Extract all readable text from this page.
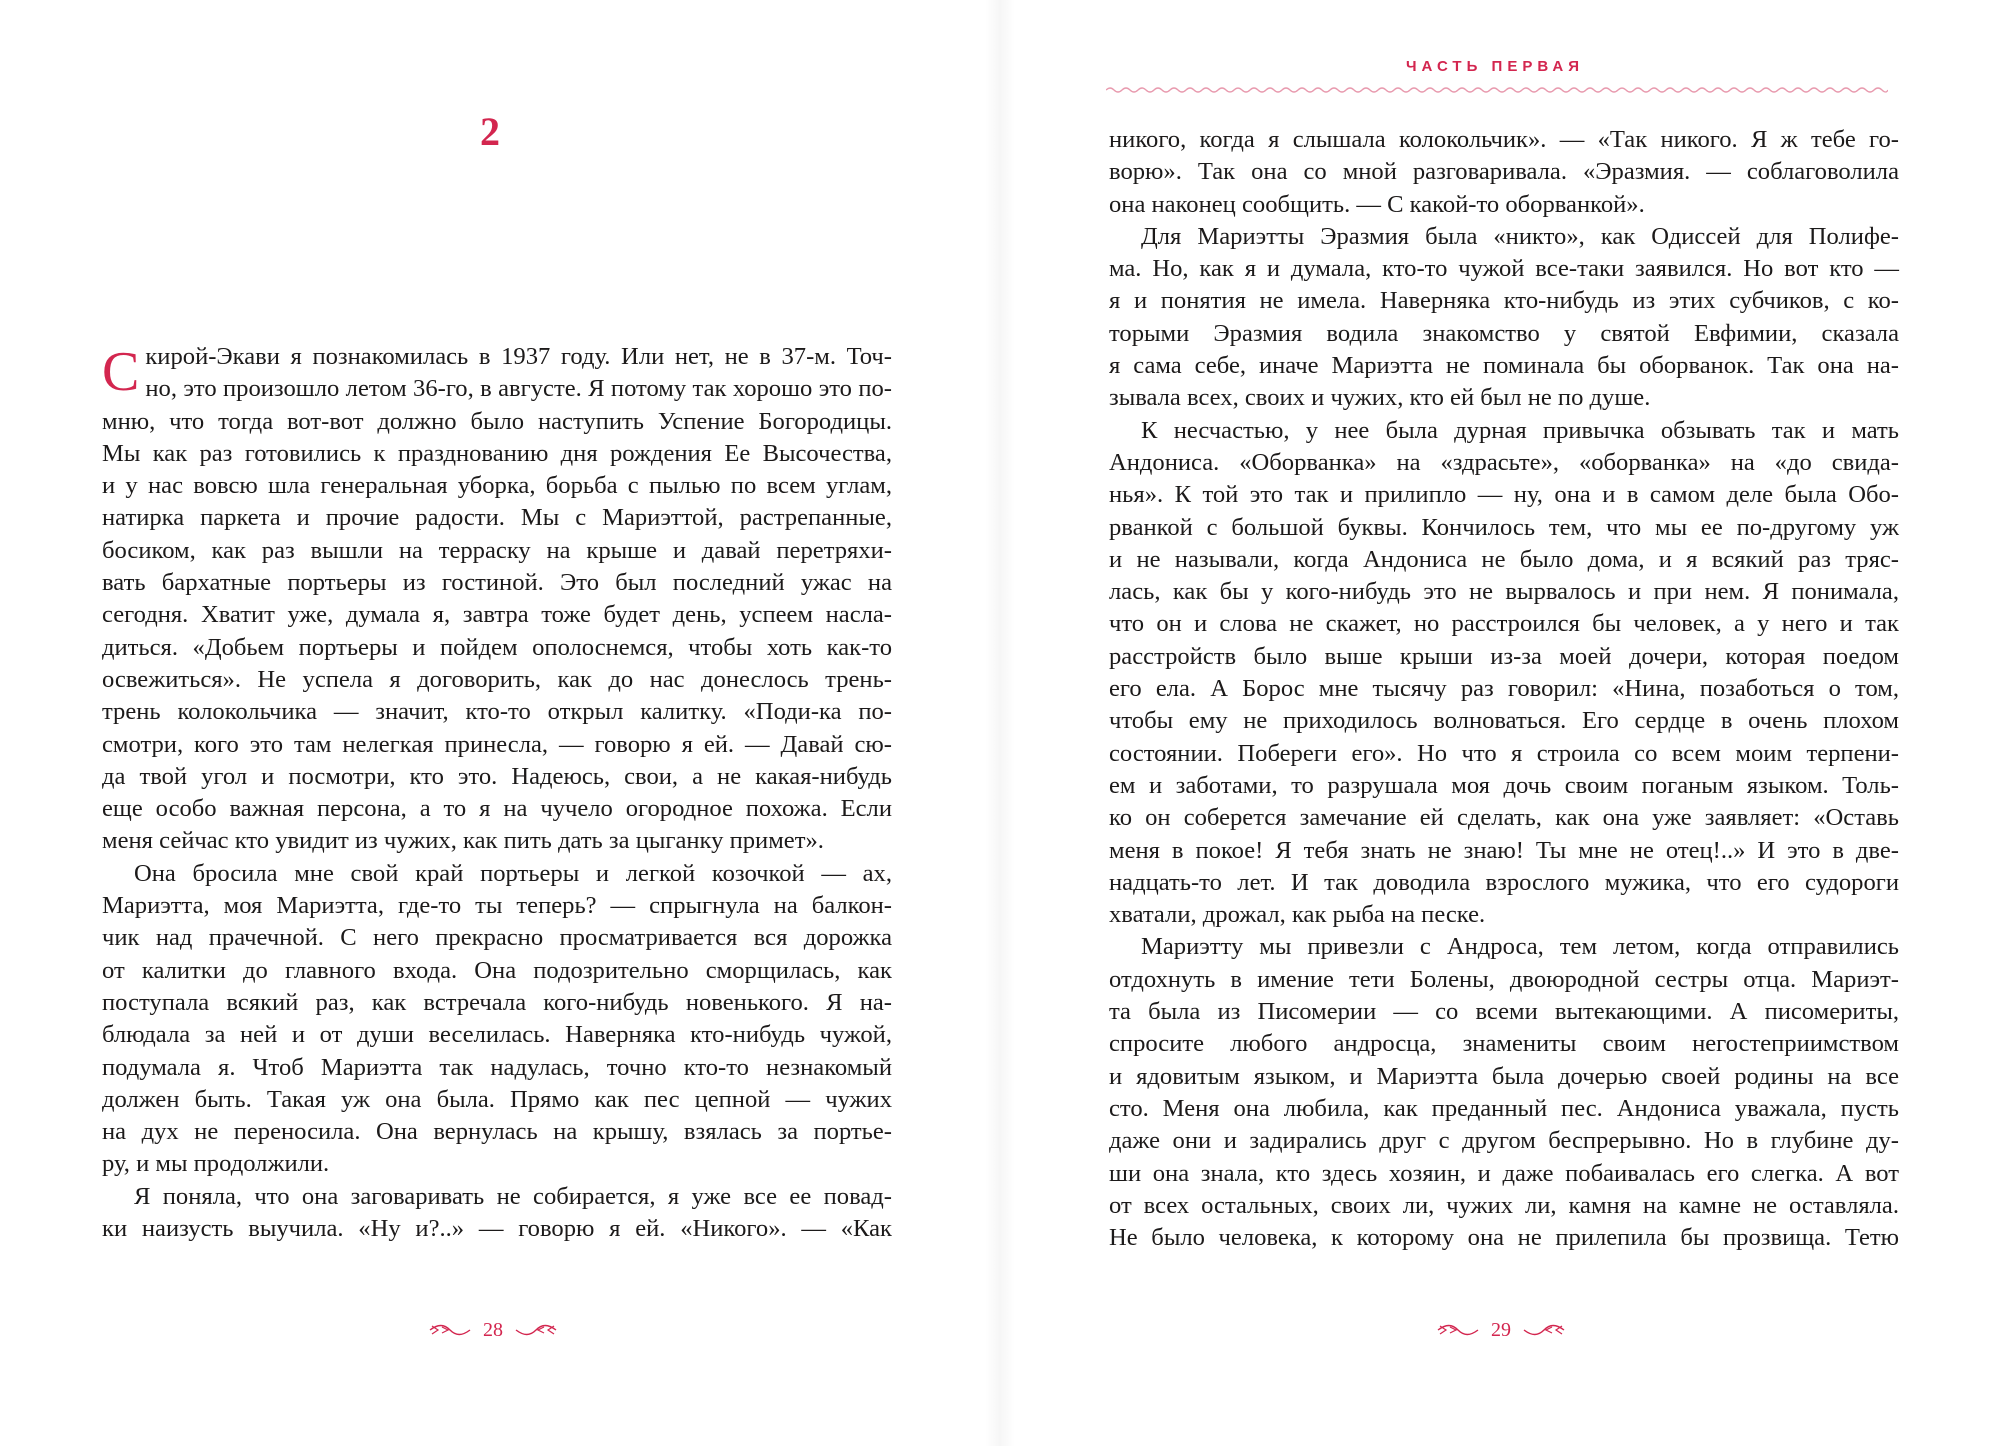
2
С кирой-Экави я познакомилась в 1937 году. Или нет, не в 37-м. Точ-
но, это произошло летом 36-го, в августе. Я потому так хорошо это по-
мню, что тогда вот-вот должно было наступить Успение Богородицы.
Мы как раз готовились к празднованию дня рождения Ее Высочества,
и у нас вовсю шла генеральная уборка, борьба с пылью по всем углам,
натирка паркета и прочие радости. Мы с Мариэттой, растрепанные,
босиком, как раз вышли на терраску на крыше и давай перетряхи-
вать бархатные портьеры из гостиной. Это был последний ужас на
сегодня. Хватит уже, думала я, завтра тоже будет день, успеем насла-
диться. «Добьем портьеры и пойдем ополоснемся, чтобы хоть как-то
освежиться». Не успела я договорить, как до нас донеслось трень-
трень колокольчика — значит, кто-то открыл калитку. «Поди-ка по-
смотри, кого это там нелегкая принесла, — говорю я ей. — Давай сю-
да твой угол и посмотри, кто это. Надеюсь, свои, а не какая-нибудь
еще особо важная персона, а то я на чучело огородное похожа. Если
меня сейчас кто увидит из чужих, как пить дать за цыганку примет».
Она бросила мне свой край портьеры и легкой козочкой — ах,
Мариэтта, моя Мариэтта, где-то ты теперь? — спрыгнула на балкон-
чик над прачечной. С него прекрасно просматривается вся дорожка
от калитки до главного входа. Она подозрительно сморщилась, как
поступала всякий раз, как встречала кого-нибудь новенького. Я на-
блюдала за ней и от души веселилась. Наверняка кто-нибудь чужой,
подумала я. Чтоб Мариэтта так надулась, точно кто-то незнакомый
должен быть. Такая уж она была. Прямо как пес цепной — чужих
на дух не переносила. Она вернулась на крышу, взялась за портье-
ру, и мы продолжили.
Я поняла, что она заговаривать не собирается, я уже все ее повад-
ки наизусть выучила. «Ну и?..» — говорю я ей. «Никого». — «Как
28
ЧАСТЬ ПЕРВАЯ
никого, когда я слышала колокольчик». — «Так никого. Я ж тебе го-
ворю». Так она со мной разговаривала. «Эразмия. — соблаговолила
она наконец сообщить. — С какой-то оборванкой».
Для Мариэтты Эразмия была «никто», как Одиссей для Полифе-
ма. Но, как я и думала, кто-то чужой все-таки заявился. Но вот кто —
я и понятия не имела. Наверняка кто-нибудь из этих субчиков, с ко-
торыми Эразмия водила знакомство у святой Евфимии, сказала
я сама себе, иначе Мариэтта не поминала бы оборванок. Так она на-
зывала всех, своих и чужих, кто ей был не по душе.
К несчастью, у нее была дурная привычка обзывать так и мать
Андониса. «Оборванка» на «здрасьте», «оборванка» на «до свида-
нья». К той это так и прилипло — ну, она и в самом деле была Обо-
рванкой с большой буквы. Кончилось тем, что мы ее по-другому уж
и не называли, когда Андониса не было дома, и я всякий раз тряс-
лась, как бы у кого-нибудь это не вырвалось и при нем. Я понимала,
что он и слова не скажет, но расстроился бы человек, а у него и так
расстройств было выше крыши из-за моей дочери, которая поедом
его ела. А Борос мне тысячу раз говорил: «Нина, позаботься о том,
чтобы ему не приходилось волноваться. Его сердце в очень плохом
состоянии. Побереги его». Но что я строила со всем моим терпени-
ем и заботами, то разрушала моя дочь своим поганым языком. Толь-
ко он соберется замечание ей сделать, как она уже заявляет: «Оставь
меня в покое! Я тебя знать не знаю! Ты мне не отец!..» И это в две-
надцать-то лет. И так доводила взрослого мужика, что его судороги
хватали, дрожал, как рыба на песке.
Мариэтту мы привезли с Андроса, тем летом, когда отправились
отдохнуть в имение тети Болены, двоюродной сестры отца. Мариэт-
та была из Писомерии — со всеми вытекающими. А писомериты,
спросите любого андросца, знамениты своим негостеприимством
и ядовитым языком, и Мариэтта была дочерью своей родины на все
сто. Меня она любила, как преданный пес. Андониса уважала, пусть
даже они и задирались друг с другом беспрерывно. Но в глубине ду-
ши она знала, кто здесь хозяин, и даже побаивалась его слегка. А вот
от всех остальных, своих ли, чужих ли, камня на камне не оставляла.
Не было человека, к которому она не прилепила бы прозвища. Тетю
29
